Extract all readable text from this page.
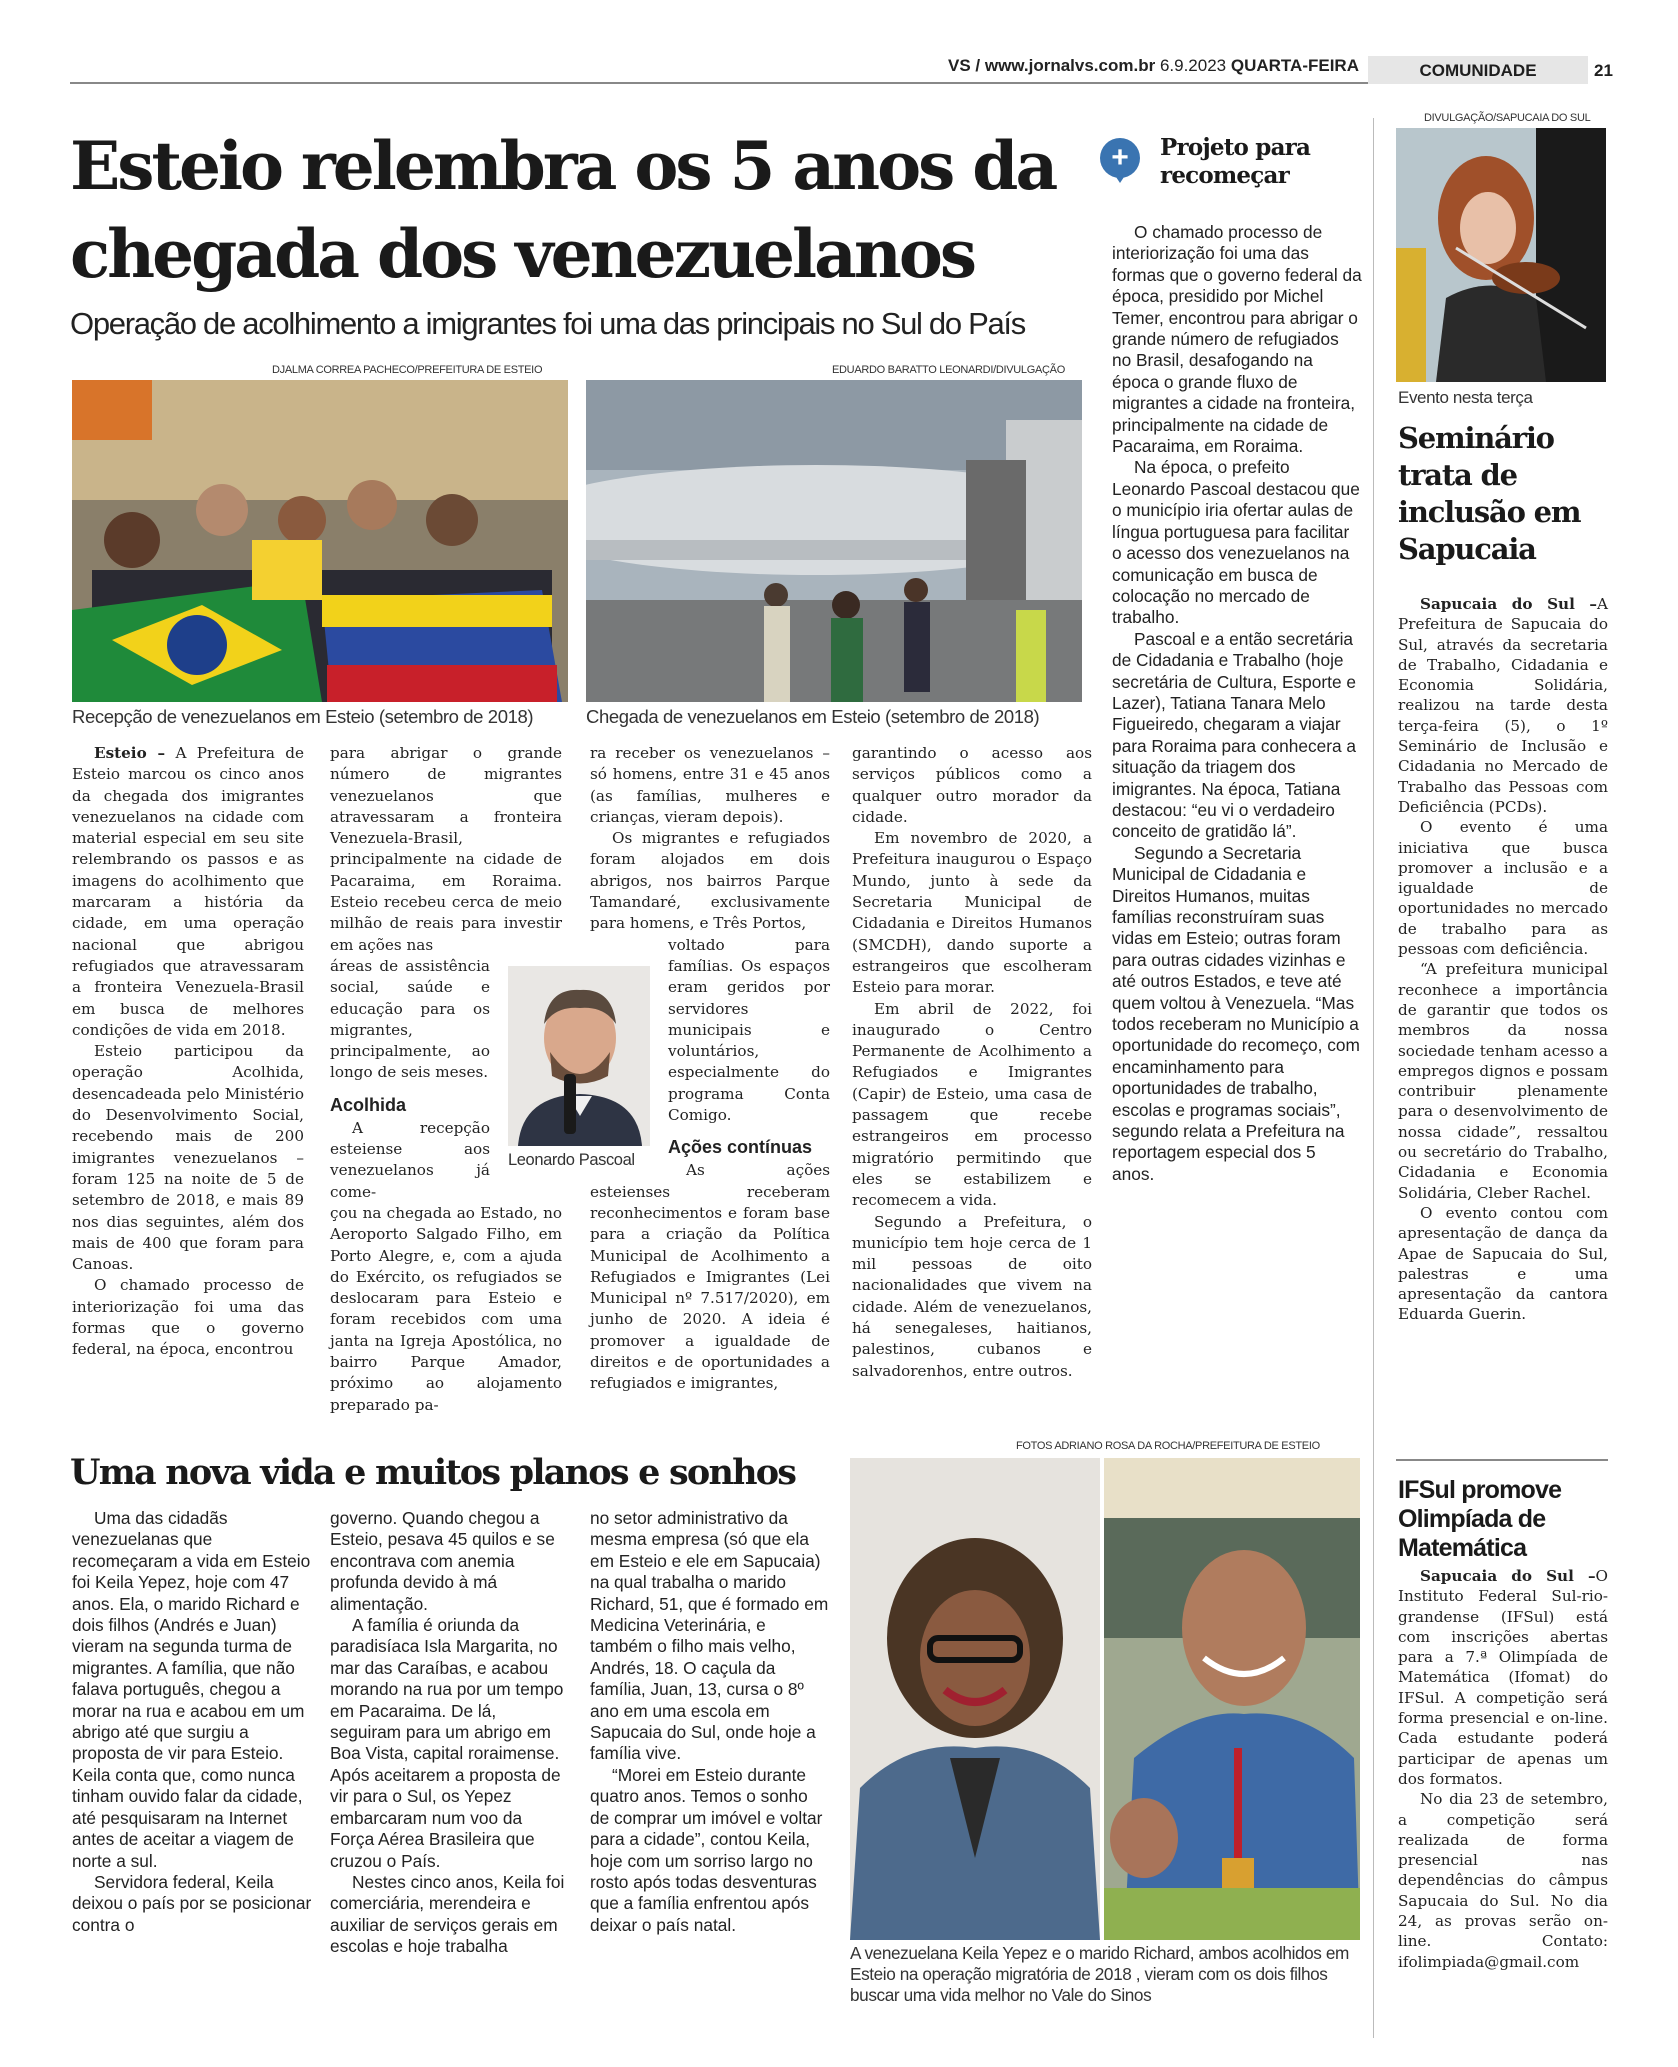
VS / www.jornalvs.com.br 6.9.2023 QUARTA-FEIRA	COMUNIDADE	21
Esteio relembra os 5 anos da chegada dos venezuelanos
Operação de acolhimento a imigrantes foi uma das principais no Sul do País
DJALMA CORREA PACHECO/PREFEITURA DE ESTEIO	EDUARDO BARATTO LEONARDI/DIVULGAÇÃO
Recepção de venezuelanos em Esteio (setembro de 2018)	Chegada de venezuelanos em Esteio (setembro de 2018)

Esteio – A Prefeitura de Esteio marcou os cinco anos da chegada dos imigrantes venezuelanos na cidade com material especial em seu site relembrando os passos e as imagens do acolhimento que marcaram a história da cidade, em uma operação nacional que abrigou refugiados que atravessaram a fronteira Venezuela-Brasil em busca de melhores condições de vida em 2018.

Esteio participou da operação Acolhida, desencadeada pelo Ministério do Desenvolvimento Social, recebendo mais de 200 imigrantes venezuelanos – foram 125 na noite de 5 de setembro de 2018, e mais 89 nos dias seguintes, além dos mais de 400 que foram para Canoas.

O chamado processo de interiorização foi uma das formas que o governo federal, na época, encontrou

para abrigar o grande número de migrantes venezuelanos que atravessaram a fronteira Venezuela-Brasil, principalmente na cidade de Pacaraima, em Roraima. Esteio recebeu cerca de meio milhão de reais para investir em ações nas

áreas de assistência social, saúde e educação para os migrantes, principalmente, ao longo de seis meses.

Acolhida

A recepção esteiense aos venezuelanos já come-

çou na chegada ao Estado, no Aeroporto Salgado Filho, em Porto Alegre, e, com a ajuda do Exército, os refugiados se deslocaram para Esteio e foram recebidos com uma janta na Igreja Apostólica, no bairro Parque Amador, próximo ao alojamento preparado pa-

Leonardo Pascoal

ra receber os venezuelanos – só homens, entre 31 e 45 anos (as famílias, mulheres e crianças, vieram depois).

Os migrantes e refugiados foram alojados em dois abrigos, nos bairros Parque Tamandaré, exclusivamente para homens, e Três Portos,

voltado para famílias. Os espaços eram geridos por servidores municipais e voluntários, especialmente do programa Conta Comigo.

Ações contínuas

As ações esteienses receberam reconhecimentos e foram base para a criação da Política Municipal de Acolhimento a Refugiados e Imigrantes (Lei Municipal nº 7.517/2020), em junho de 2020. A ideia é promover a igualdade de direitos e de oportunidades a refugiados e imigrantes,

garantindo o acesso aos serviços públicos como a qualquer outro morador da cidade.

Em novembro de 2020, a Prefeitura inaugurou o Espaço Mundo, junto à sede da Secretaria Municipal de Cidadania e Direitos Humanos (SMCDH), dando suporte a estrangeiros que escolheram Esteio para morar.

Em abril de 2022, foi inaugurado o Centro Permanente de Acolhimento a Refugiados e Imigrantes (Capir) de Esteio, uma casa de passagem que recebe estrangeiros em processo migratório permitindo que eles se estabilizem e recomecem a vida.

Segundo a Prefeitura, o município tem hoje cerca de 1 mil pessoas de oito nacionalidades que vivem na cidade. Além de venezuelanos, há senegaleses, haitianos, palestinos, cubanos e salvadorenhos, entre outros.

+	Projeto para recomeçar

O chamado processo de interiorização foi uma das formas que o governo federal da época, presidido por Michel Temer, encontrou para abrigar o grande número de refugiados no Brasil, desafogando na época o grande fluxo de migrantes a cidade na fronteira, principalmente na cidade de Pacaraima, em Roraima.

Na época, o prefeito Leonardo Pascoal destacou que o município iria ofertar aulas de língua portuguesa para facilitar o acesso dos venezuelanos na comunicação em busca de colocação no mercado de trabalho.

Pascoal e a então secretária de Cidadania e Trabalho (hoje secretária de Cultura, Esporte e Lazer), Tatiana Tanara Melo Figueiredo, chegaram a viajar para Roraima para conhecera a situação da triagem dos imigrantes. Na época, Tatiana destacou: “eu vi o verdadeiro conceito de gratidão lá”.

Segundo a Secretaria Municipal de Cidadania e Direitos Humanos, muitas famílias reconstruíram suas vidas em Esteio; outras foram para outras cidades vizinhas e até outros Estados, e teve até quem voltou à Venezuela. “Mas todos receberam no Município a oportunidade do recomeço, com encaminhamento para oportunidades de trabalho, escolas e programas sociais”, segundo relata a Prefeitura na reportagem especial dos 5 anos.

Uma nova vida e muitos planos e sonhos

Uma das cidadãs venezuelanas que recomeçaram a vida em Esteio foi Keila Yepez, hoje com 47 anos. Ela, o marido Richard e dois filhos (Andrés e Juan) vieram na segunda turma de migrantes. A família, que não falava português, chegou a morar na rua e acabou em um abrigo até que surgiu a proposta de vir para Esteio. Keila conta que, como nunca tinham ouvido falar da cidade, até pesquisaram na Internet antes de aceitar a viagem de norte a sul.

Servidora federal, Keila deixou o país por se posicionar contra o

governo. Quando chegou a Esteio, pesava 45 quilos e se encontrava com anemia profunda devido à má alimentação.

A família é oriunda da paradisíaca Isla Margarita, no mar das Caraíbas, e acabou morando na rua por um tempo em Pacaraima. De lá, seguiram para um abrigo em Boa Vista, capital roraimense. Após aceitarem a proposta de vir para o Sul, os Yepez embarcaram num voo da Força Aérea Brasileira que cruzou o País.

Nestes cinco anos, Keila foi comerciária, merendeira e auxiliar de serviços gerais em escolas e hoje trabalha

no setor administrativo da mesma empresa (só que ela em Esteio e ele em Sapucaia) na qual trabalha o marido Richard, 51, que é formado em Medicina Veterinária, e também o filho mais velho, Andrés, 18. O caçula da família, Juan, 13, cursa o 8º ano em uma escola em Sapucaia do Sul, onde hoje a família vive.

“Morei em Esteio durante quatro anos. Temos o sonho de comprar um imóvel e voltar para a cidade”, contou Keila, hoje com um sorriso largo no rosto após todas desventuras que a família enfrentou após deixar o país natal.

FOTOS ADRIANO ROSA DA ROCHA/PREFEITURA DE ESTEIO
A venezuelana Keila Yepez e o marido Richard, ambos acolhidos em Esteio na operação migratória de 2018 , vieram com os dois filhos buscar uma vida melhor no Vale do Sinos
DIVULGAÇÃO/SAPUCAIA DO SUL
Evento nesta terça
Seminário trata de inclusão em Sapucaia

Sapucaia do Sul –A Prefeitura de Sapucaia do Sul, através da secretaria de Trabalho, Cidadania e Economia Solidária, realizou na tarde desta terça-feira (5), o 1º Seminário de Inclusão e Cidadania no Mercado de Trabalho das Pessoas com Deficiência (PCDs).

O evento é uma iniciativa que busca promover a inclusão e a igualdade de oportunidades no mercado de trabalho para as pessoas com deficiência.

“A prefeitura municipal reconhece a importância de garantir que todos os membros da nossa sociedade tenham acesso a empregos dignos e possam contribuir plenamente para o desenvolvimento de nossa cidade”, ressaltou ou secretário do Trabalho, Cidadania e Economia Solidária, Cleber Rachel.

O evento contou com apresentação de dança da Apae de Sapucaia do Sul, palestras e uma apresentação da cantora Eduarda Guerin.

IFSul promove Olimpíada de Matemática

Sapucaia do Sul –O Instituto Federal Sul-rio-grandense (IFSul) está com inscrições abertas para a 7.ª Olimpíada de Matemática (Ifomat) do IFSul. A competição será forma presencial e on-line. Cada estudante poderá participar de apenas um dos formatos.

No dia 23 de setembro, a competição será realizada de forma presencial nas dependências do câmpus Sapucaia do Sul. No dia 24, as provas serão on-line. Contato: ifolimpiada@gmail.com
